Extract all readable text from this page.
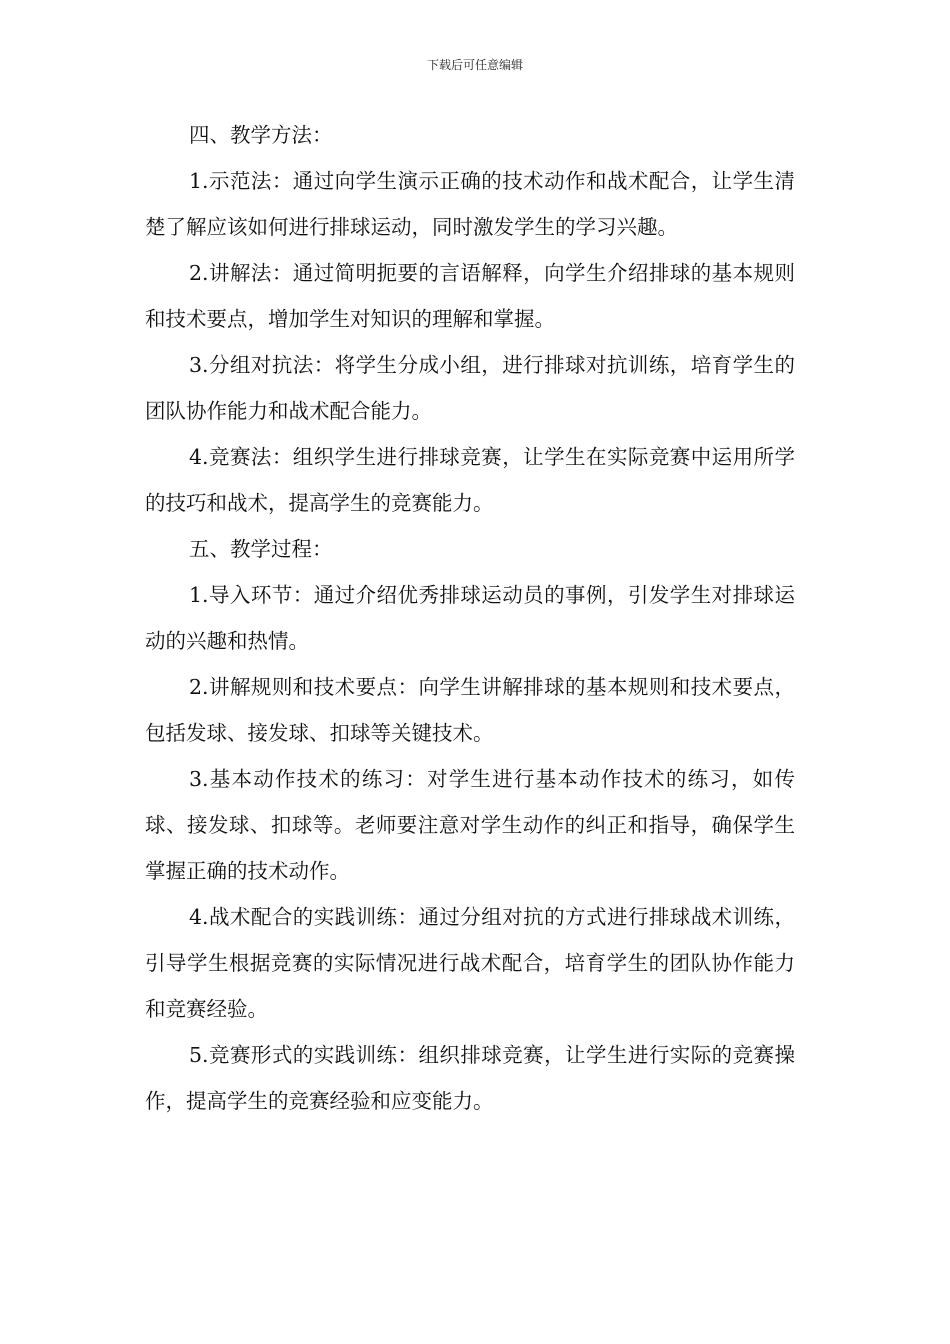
下载后可任意编辑

四、教学方法：

1.示范法：通过向学生演示正确的技术动作和战术配合，让学生清楚了解应该如何进行排球运动，同时激发学生的学习兴趣。

2.讲解法：通过简明扼要的言语解释，向学生介绍排球的基本规则和技术要点，增加学生对知识的理解和掌握。

3.分组对抗法：将学生分成小组，进行排球对抗训练，培育学生的团队协作能力和战术配合能力。

4.竞赛法：组织学生进行排球竞赛，让学生在实际竞赛中运用所学的技巧和战术，提高学生的竞赛能力。

五、教学过程：

1.导入环节：通过介绍优秀排球运动员的事例，引发学生对排球运动的兴趣和热情。

2.讲解规则和技术要点：向学生讲解排球的基本规则和技术要点，包括发球、接发球、扣球等关键技术。

3.基本动作技术的练习：对学生进行基本动作技术的练习，如传球、接发球、扣球等。老师要注意对学生动作的纠正和指导，确保学生掌握正确的技术动作。

4.战术配合的实践训练：通过分组对抗的方式进行排球战术训练，引导学生根据竞赛的实际情况进行战术配合，培育学生的团队协作能力和竞赛经验。

5.竞赛形式的实践训练：组织排球竞赛，让学生进行实际的竞赛操作，提高学生的竞赛经验和应变能力。
